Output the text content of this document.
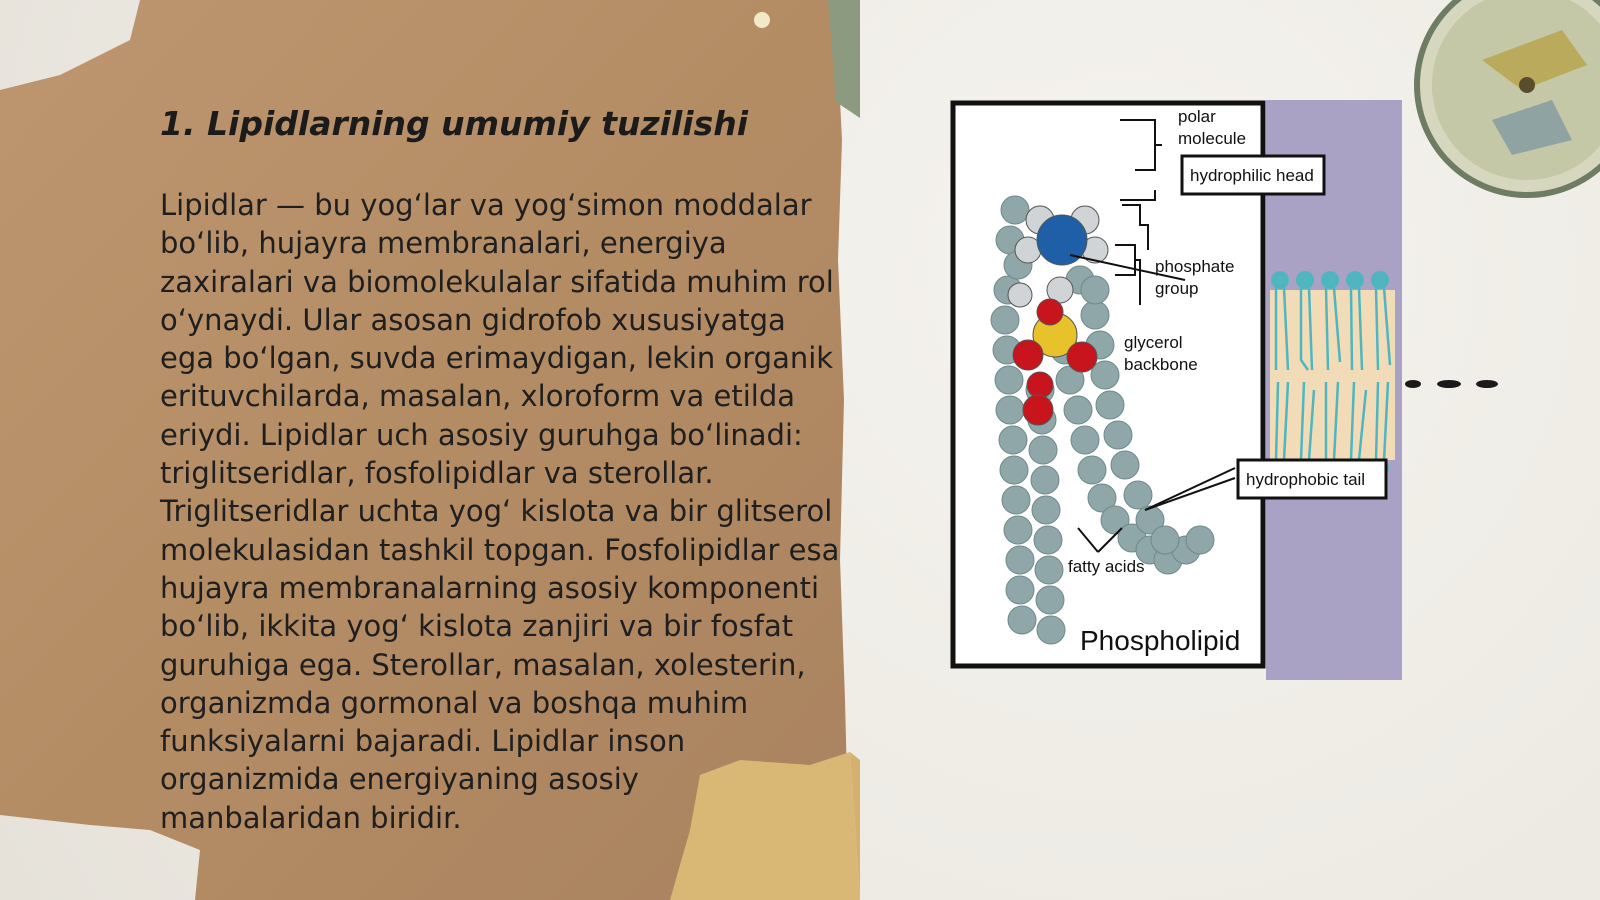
1. Lipidlarning umumiy tuzilishi

Lipidlar — bu yog‘lar va yog‘simon moddalar bo‘lib, hujayra membranalari, energiya zaxiralari va biomolekulalar sifatida muhim rol o‘ynaydi. Ular asosan gidrofob xususiyatga ega bo‘lgan, suvda erimaydigan, lekin organik erituvchilarda, masalan, xloroform va etilda eriydi. Lipidlar uch asosiy guruhga bo‘linadi: triglitseridlar, fosfolipidlar va sterollar. Triglitseridlar uchta yog‘ kislota va bir glitserol molekulasidan tashkil topgan. Fosfolipidlar esa hujayra membranalarning asosiy komponenti bo‘lib, ikkita yog‘ kislota zanjiri va bir fosfat guruhiga ega. Sterollar, masalan, xolesterin, organizmda gormonal va boshqa muhim funksiyalarni bajaradi. Lipidlar inson organizmida energiyaning asosiy manbalaridan biridir.

polar
molecule
hydrophilic head
phosphate
group
glycerol
backbone
hydrophobic tail
fatty acids
Phospholipid
